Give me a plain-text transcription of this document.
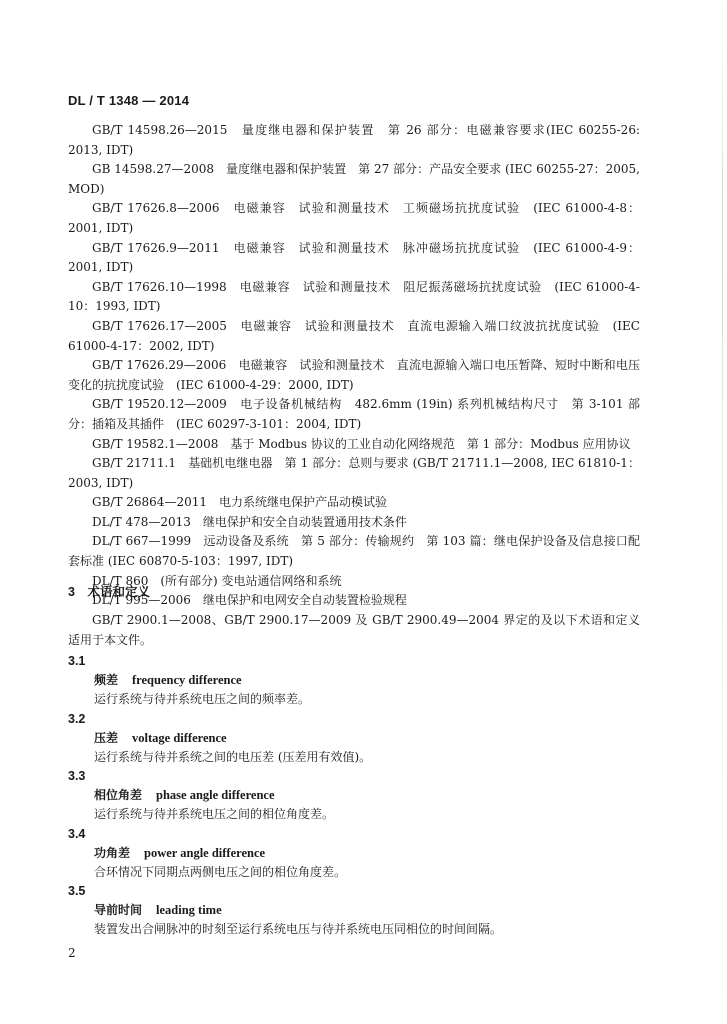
DL / T 1348 — 2014

GB/T 14598.26—2015　量度继电器和保护装置　第 26 部分：电磁兼容要求(IEC 60255-26: 2013, IDT)

GB 14598.27—2008　量度继电器和保护装置　第 27 部分：产品安全要求 (IEC 60255-27：2005, MOD)

GB/T 17626.8—2006　电磁兼容　试验和测量技术　工频磁场抗扰度试验　(IEC 61000-4-8：2001, IDT)

GB/T 17626.9—2011　电磁兼容　试验和测量技术　脉冲磁场抗扰度试验　(IEC 61000-4-9：2001, IDT)

GB/T 17626.10—1998　电磁兼容　试验和测量技术　阻尼振荡磁场抗扰度试验　(IEC 61000-4-10：1993, IDT)

GB/T 17626.17—2005　电磁兼容　试验和测量技术　直流电源输入端口纹波抗扰度试验　(IEC 61000-4-17：2002, IDT)

GB/T 17626.29—2006　电磁兼容　试验和测量技术　直流电源输入端口电压暂降、短时中断和电压变化的抗扰度试验　(IEC 61000-4-29：2000, IDT)

GB/T 19520.12—2009　电子设备机械结构　482.6mm (19in) 系列机械结构尺寸　第 3-101 部分：插箱及其插件　(IEC 60297-3-101：2004, IDT)

GB/T 19582.1—2008　基于 Modbus 协议的工业自动化网络规范　第 1 部分：Modbus 应用协议

GB/T 21711.1　基础机电继电器　第 1 部分：总则与要求 (GB/T 21711.1—2008, IEC 61810-1：2003, IDT)

GB/T 26864—2011　电力系统继电保护产品动模试验

DL/T 478—2013　继电保护和安全自动装置通用技术条件

DL/T 667—1999　远动设备及系统　第 5 部分：传输规约　第 103 篇：继电保护设备及信息接口配套标准 (IEC 60870-5-103：1997, IDT)

DL/T 860　(所有部分) 变电站通信网络和系统

DL/T 995—2006　继电保护和电网安全自动装置检验规程

3　术语和定义

GB/T 2900.1—2008、GB/T 2900.17—2009 及 GB/T 2900.49—2004 界定的及以下术语和定义适用于本文件。

3.1
频差 frequency difference
运行系统与待并系统电压之间的频率差。
3.2
压差 voltage difference
运行系统与待并系统之间的电压差 (压差用有效值)。
3.3
相位角差 phase angle difference
运行系统与待并系统电压之间的相位角度差。
3.4
功角差 power angle difference
合环情况下同期点两侧电压之间的相位角度差。
3.5
导前时间 leading time
装置发出合闸脉冲的时刻至运行系统电压与待并系统电压同相位的时间间隔。
2
